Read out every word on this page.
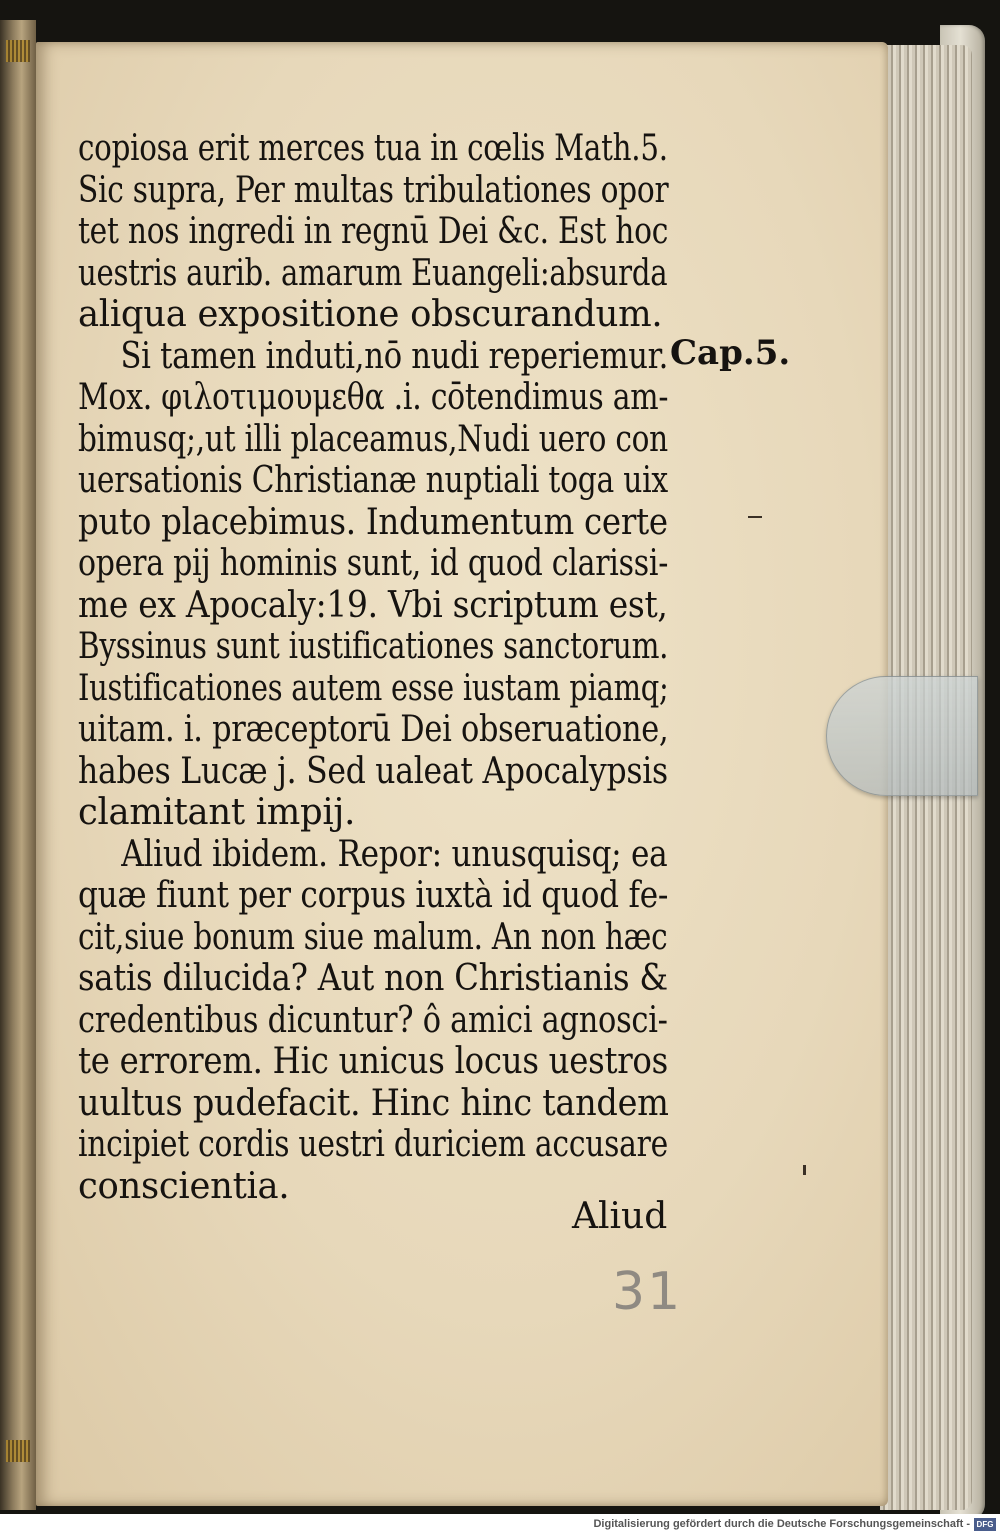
copiosa erit merces tua in cœlis Math.5.
Sic supra, Per multas tribulationes opor
tet nos ingredi in regnū Dei &c. Est hoc
uestris aurib. amarum Euangeli:absurda
aliqua expositione obscurandum.
Si tamen induti,nō nudi reperiemur.
Mox. φιλοτιμουμεθα .i. cōtendimus am-
bimusq;,ut illi placeamus,Nudi uero con
uersationis Christianæ nuptiali toga uix
puto placebimus. Indumentum certe
opera pij hominis sunt, id quod clarissi-
me ex Apocaly:19. Vbi scriptum est,
Byssinus sunt iustificationes sanctorum.
Iustificationes autem esse iustam piamq;
uitam. i. præceptorū Dei obseruatione,
habes Lucæ j. Sed ualeat Apocalypsis
clamitant impij.
Aliud ibidem. Repor: unusquisq; ea
quæ fiunt per corpus iuxtà id quod fe-
cit,siue bonum siue malum. An non hæc
satis dilucida? Aut non Christianis &
credentibus dicuntur? ô amici agnosci-
te errorem. Hic unicus locus uestros
uultus pudefacit. Hinc hinc tandem
incipiet cordis uestri duriciem accusare
conscientia.
Cap.5.
Aliud
31
Digitalisierung gefördert durch die Deutsche Forschungsgemeinschaft - DFG
